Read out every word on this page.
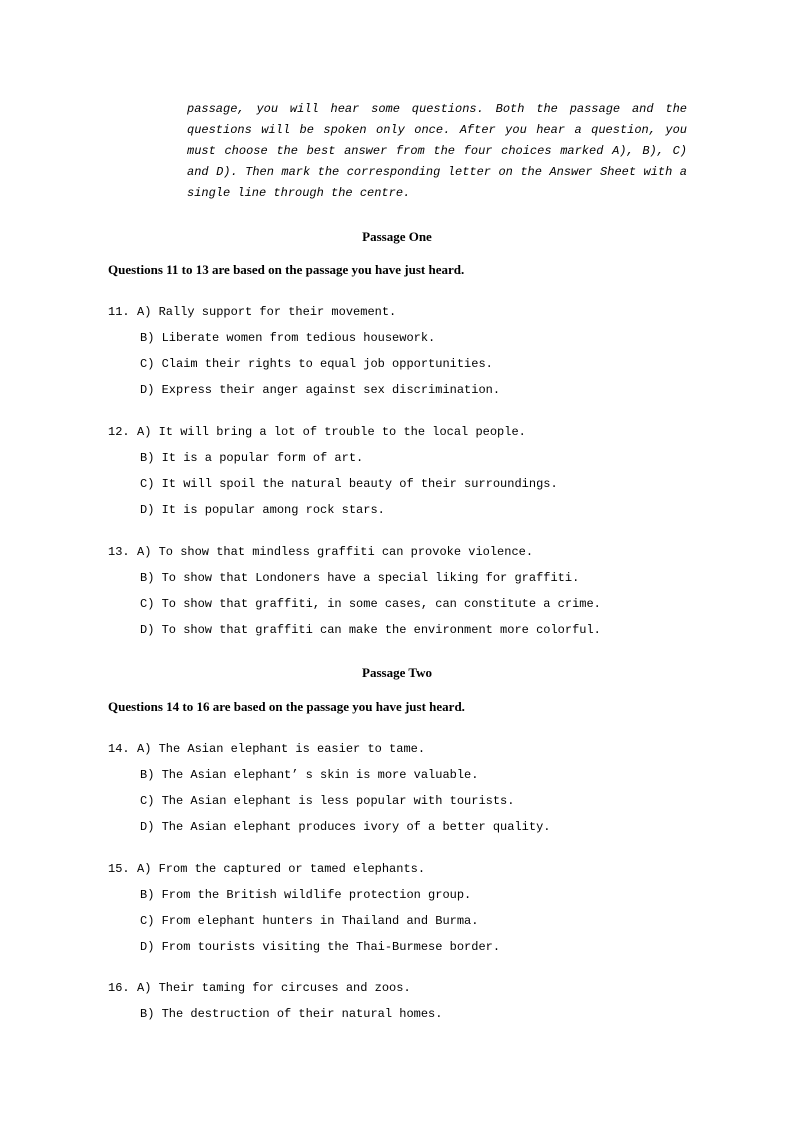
passage, you will hear some questions. Both the passage and the questions will be spoken only once. After you hear a question, you must choose the best answer from the four choices marked A), B), C) and D). Then mark the corresponding letter on the Answer Sheet with a single line through the centre.
Passage One
Questions 11 to 13 are based on the passage you have just heard.
11. A) Rally support for their movement.
B) Liberate women from tedious housework.
C) Claim their rights to equal job opportunities.
D) Express their anger against sex discrimination.
12. A) It will bring a lot of trouble to the local people.
B) It is a popular form of art.
C) It will spoil the natural beauty of their surroundings.
D) It is popular among rock stars.
13. A) To show that mindless graffiti can provoke violence.
B) To show that Londoners have a special liking for graffiti.
C) To show that graffiti, in some cases, can constitute a crime.
D) To show that graffiti can make the environment more colorful.
Passage Two
Questions 14 to 16 are based on the passage you have just heard.
14. A) The Asian elephant is easier to tame.
B) The Asian elephant’ s skin is more valuable.
C) The Asian elephant is less popular with tourists.
D) The Asian elephant produces ivory of a better quality.
15. A) From the captured or tamed elephants.
B) From the British wildlife protection group.
C) From elephant hunters in Thailand and Burma.
D) From tourists visiting the Thai-Burmese border.
16. A) Their taming for circuses and zoos.
B) The destruction of their natural homes.
